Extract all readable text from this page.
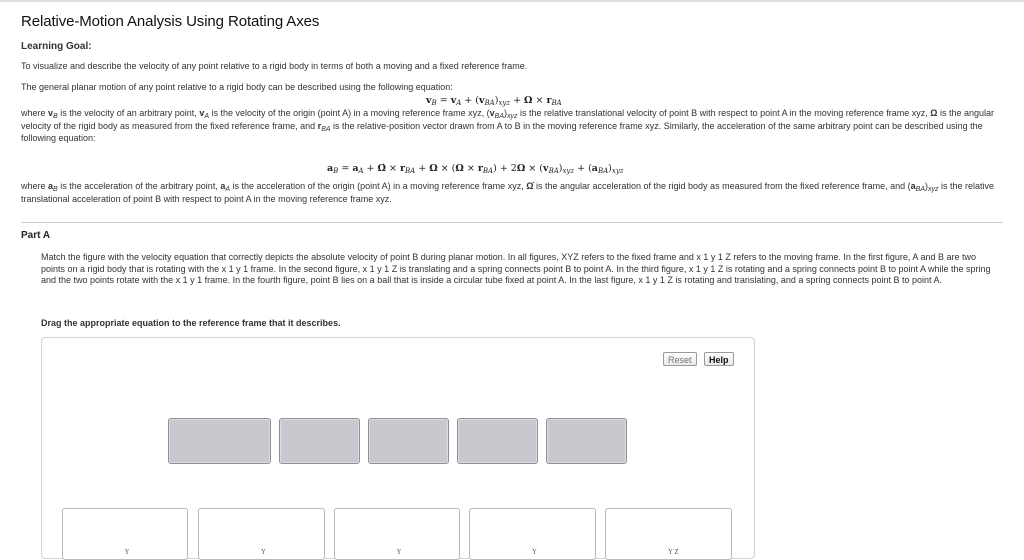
Relative-Motion Analysis Using Rotating Axes
Learning Goal:
To visualize and describe the velocity of any point relative to a rigid body in terms of both a moving and a fixed reference frame.
The general planar motion of any point relative to a rigid body can be described using the following equation:
$v_B = v_A + (v_{BA})_{xyz} + \Omega \times r_{BA}$
where $v_B$ is the velocity of an arbitrary point, $v_A$ is the velocity of the origin (point A) in a moving reference frame xyz, $(v_{BA})_{xyz}$ is the relative translational velocity of point B with respect to point A in the moving reference frame xyz, Ω is the angular velocity of the rigid body as measured from the fixed reference frame, and $r_{BA}$ is the relative-position vector drawn from A to B in the moving reference frame xyz. Similarly, the acceleration of the same arbitrary point can be described using the following equation:
$a_B = a_A$ + Ω̇ × $r_{BA} + \Omega \times (\Omega \times r_{BA}) + 2\Omega \times (v_{BA})_{xyz} + (a_{BA})_{xyz}$
where $a_B$ is the acceleration of the arbitrary point, $a_A$ is the acceleration of the origin (point A) in a moving reference frame xyz, Ω̇ is the angular acceleration of the rigid body as measured from the fixed reference frame, and $(a_{BA})_{xyz}$ is the relative translational acceleration of point B with respect to point A in the moving reference frame xyz.
Part A
Match the figure with the velocity equation that correctly depicts the absolute velocity of point B during planar motion. In all figures, XYZ refers to the fixed frame and x 1 y 1 Z refers to the moving frame. In the first figure, A and B are two points on a rigid body that is rotating with the x 1 y 1 frame. In the second figure, x 1 y 1 Z is translating and a spring connects point B to point A. In the third figure, x 1 y 1 Z is rotating and a spring connects point B to point A while the spring and the two points rotate with the x 1 y 1 frame. In the fourth figure, point B lies on a ball that is inside a circular tube fixed at point A. In the last figure, x 1 y 1 Z is rotating and translating, and a spring connects point B to point A.
Drag the appropriate equation to the reference frame that it describes.
Reset	Help
Y	Y	Y	Y	Y Z
